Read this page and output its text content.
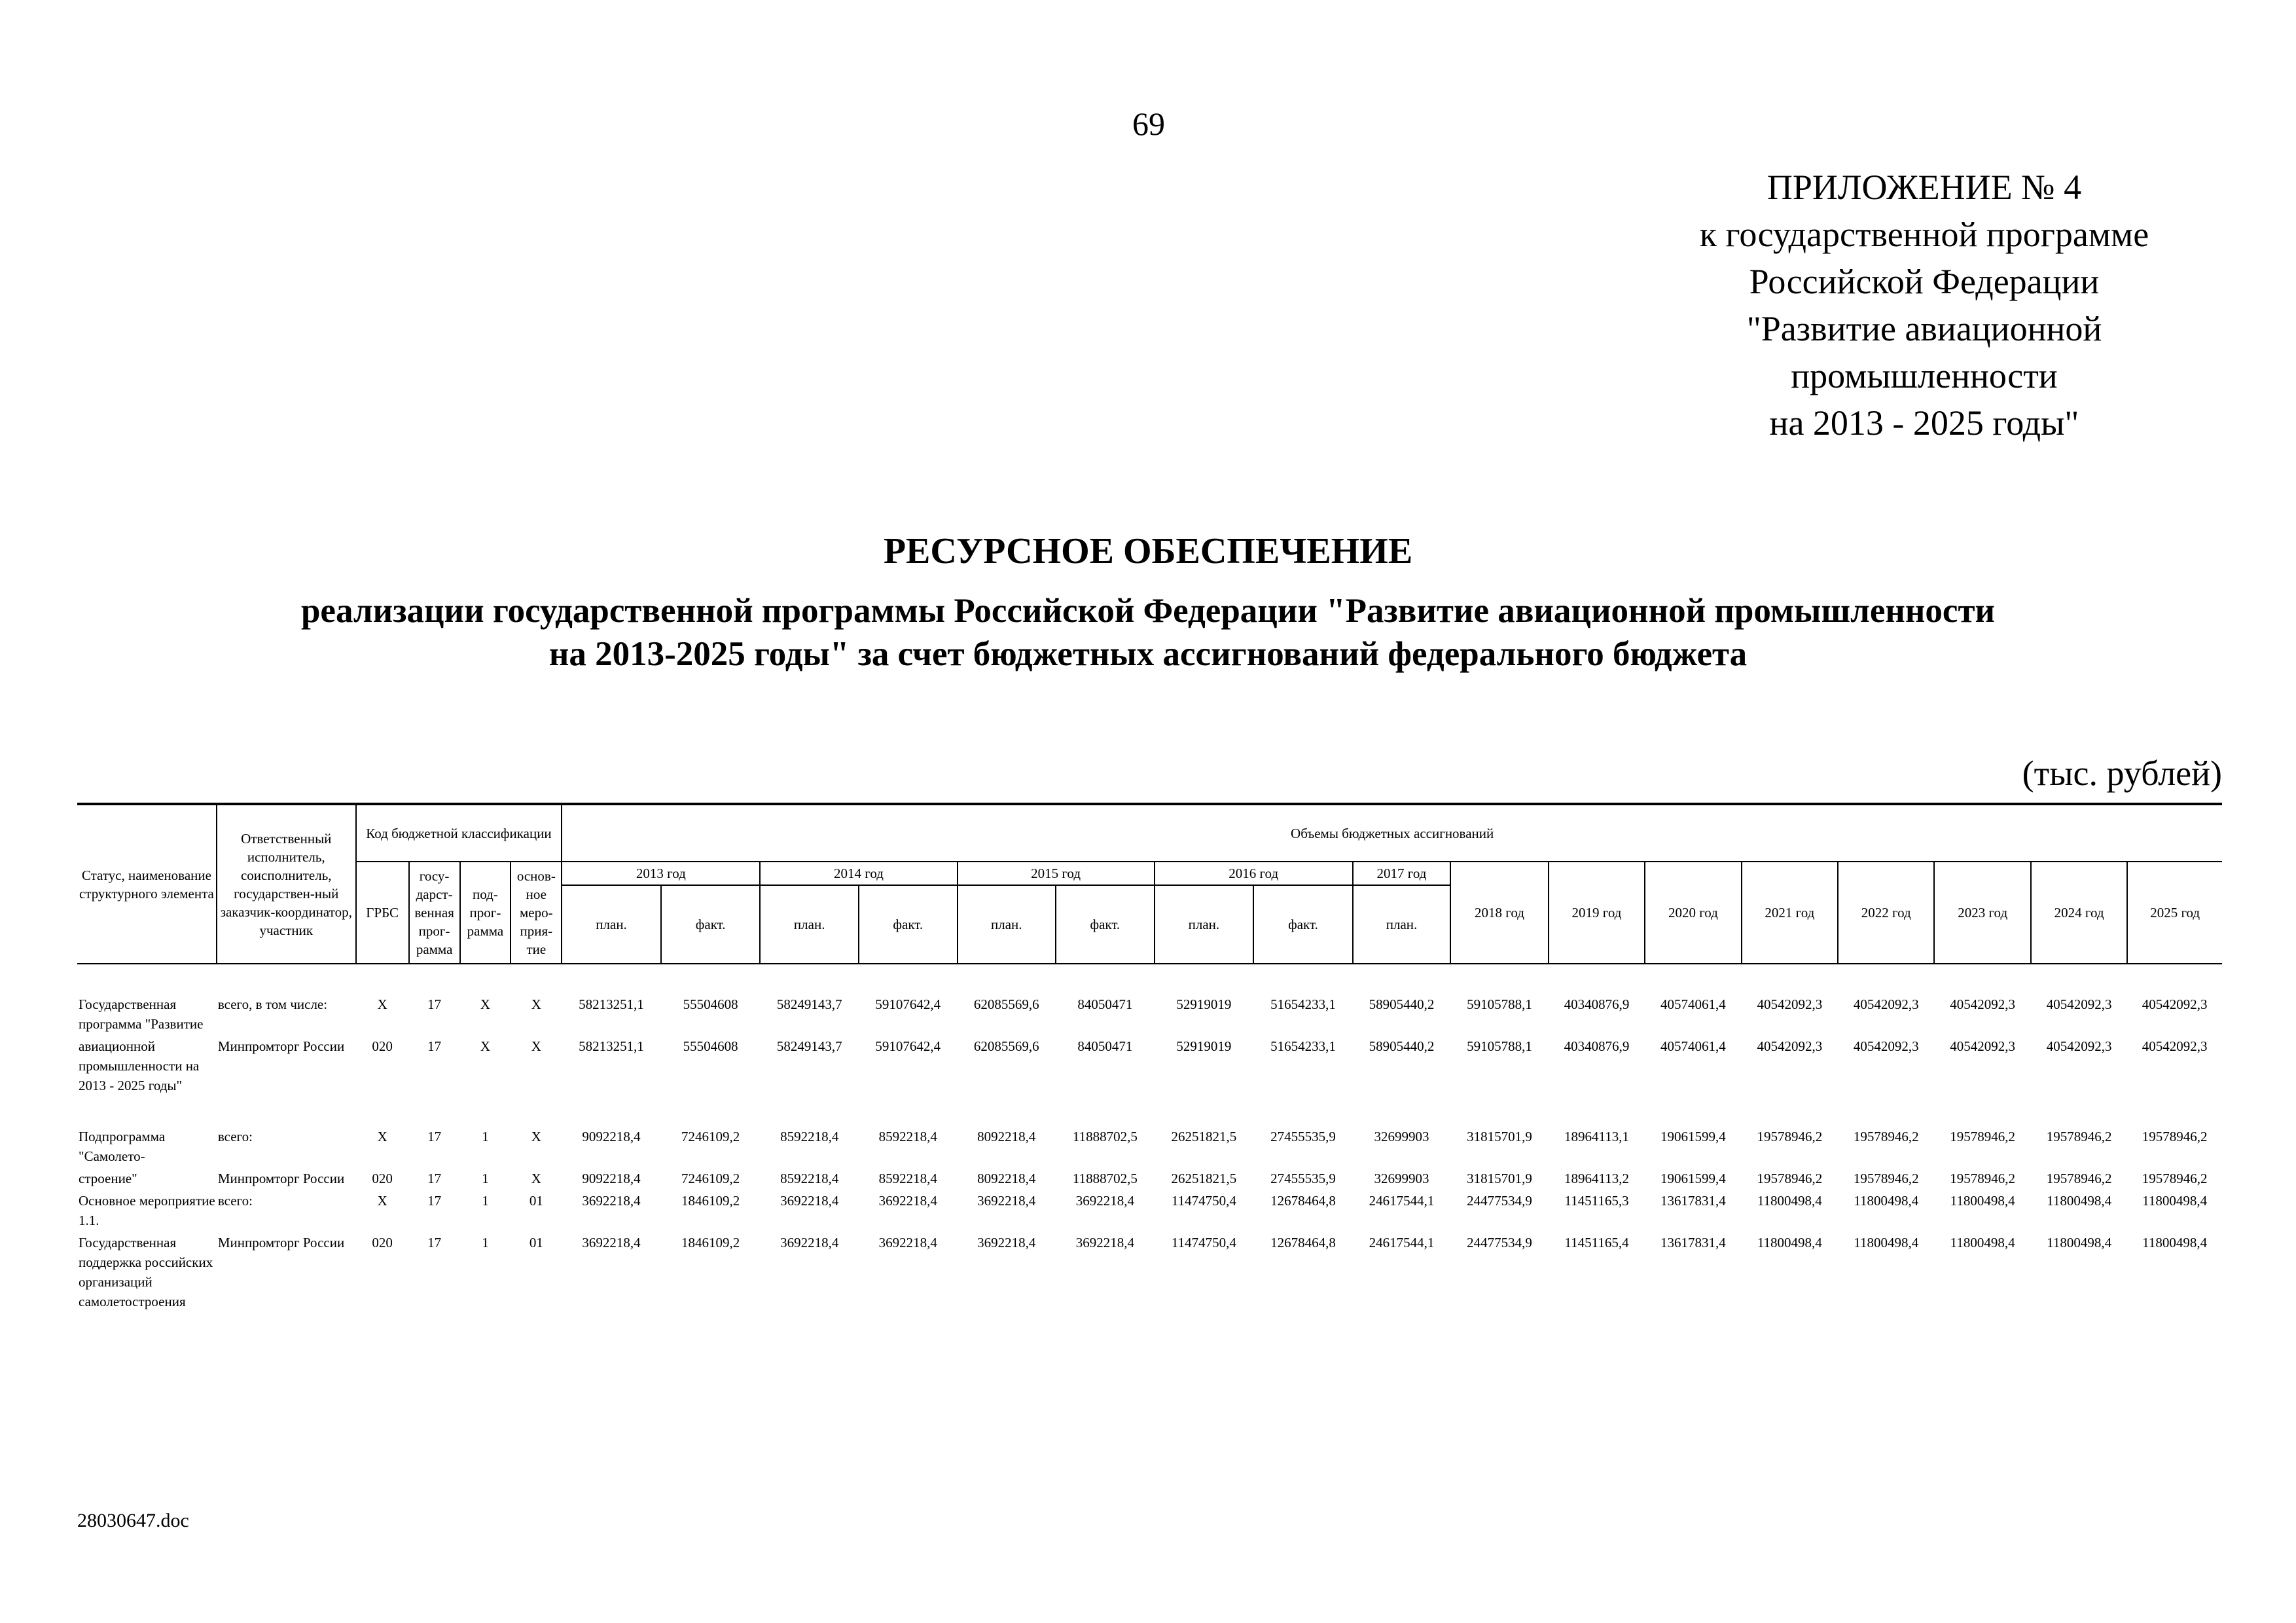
69
ПРИЛОЖЕНИЕ № 4
к государственной программе
Российской Федерации
"Развитие авиационной
промышленности
на 2013 - 2025 годы"
РЕСУРСНОЕ ОБЕСПЕЧЕНИЕ
реализации государственной программы Российской Федерации "Развитие авиационной промышленности
на 2013-2025 годы" за счет бюджетных ассигнований федерального бюджета
(тыс. рублей)
Статус, наименование структурного элемента	Ответственный исполнитель, соисполнитель, государствен-ный заказчик-координатор, участник	Код бюджетной классификации				Объемы бюджетных ассигнований																
		ГРБС	госу-дарст-венная прог-рамма	под-прог-рамма	основ-ное меро-прия-тие	2013 год		2014 год		2015 год		2016 год		2017 год	2018 год	2019 год	2020 год	2021 год	2022 год	2023 год	2024 год	2025 год
						план.	факт.	план.	факт.	план.	факт.	план.	факт.	план.								

Государственная программа "Развитие	всего, в том числе:	X	17	X	X	58213251,1	55504608	58249143,7	59107642,4	62085569,6	84050471	52919019	51654233,1	58905440,2	59105788,1	40340876,9	40574061,4	40542092,3	40542092,3	40542092,3	40542092,3	40542092,3
авиационной промышленности на 2013 - 2025 годы"	Минпромторг России	020	17	X	X	58213251,1	55504608	58249143,7	59107642,4	62085569,6	84050471	52919019	51654233,1	58905440,2	59105788,1	40340876,9	40574061,4	40542092,3	40542092,3	40542092,3	40542092,3	40542092,3

Подпрограмма "Самолето-	всего:	X	17	1	X	9092218,4	7246109,2	8592218,4	8592218,4	8092218,4	11888702,5	26251821,5	27455535,9	32699903	31815701,9	18964113,1	19061599,4	19578946,2	19578946,2	19578946,2	19578946,2	19578946,2
строение"	Минпромторг России	020	17	1	X	9092218,4	7246109,2	8592218,4	8592218,4	8092218,4	11888702,5	26251821,5	27455535,9	32699903	31815701,9	18964113,2	19061599,4	19578946,2	19578946,2	19578946,2	19578946,2	19578946,2
Основное мероприятие 1.1.	всего:	X	17	1	01	3692218,4	1846109,2	3692218,4	3692218,4	3692218,4	3692218,4	11474750,4	12678464,8	24617544,1	24477534,9	11451165,3	13617831,4	11800498,4	11800498,4	11800498,4	11800498,4	11800498,4
Государственная поддержка российских организаций самолетостроения	Минпромторг России	020	17	1	01	3692218,4	1846109,2	3692218,4	3692218,4	3692218,4	3692218,4	11474750,4	12678464,8	24617544,1	24477534,9	11451165,4	13617831,4	11800498,4	11800498,4	11800498,4	11800498,4	11800498,4
28030647.doc
